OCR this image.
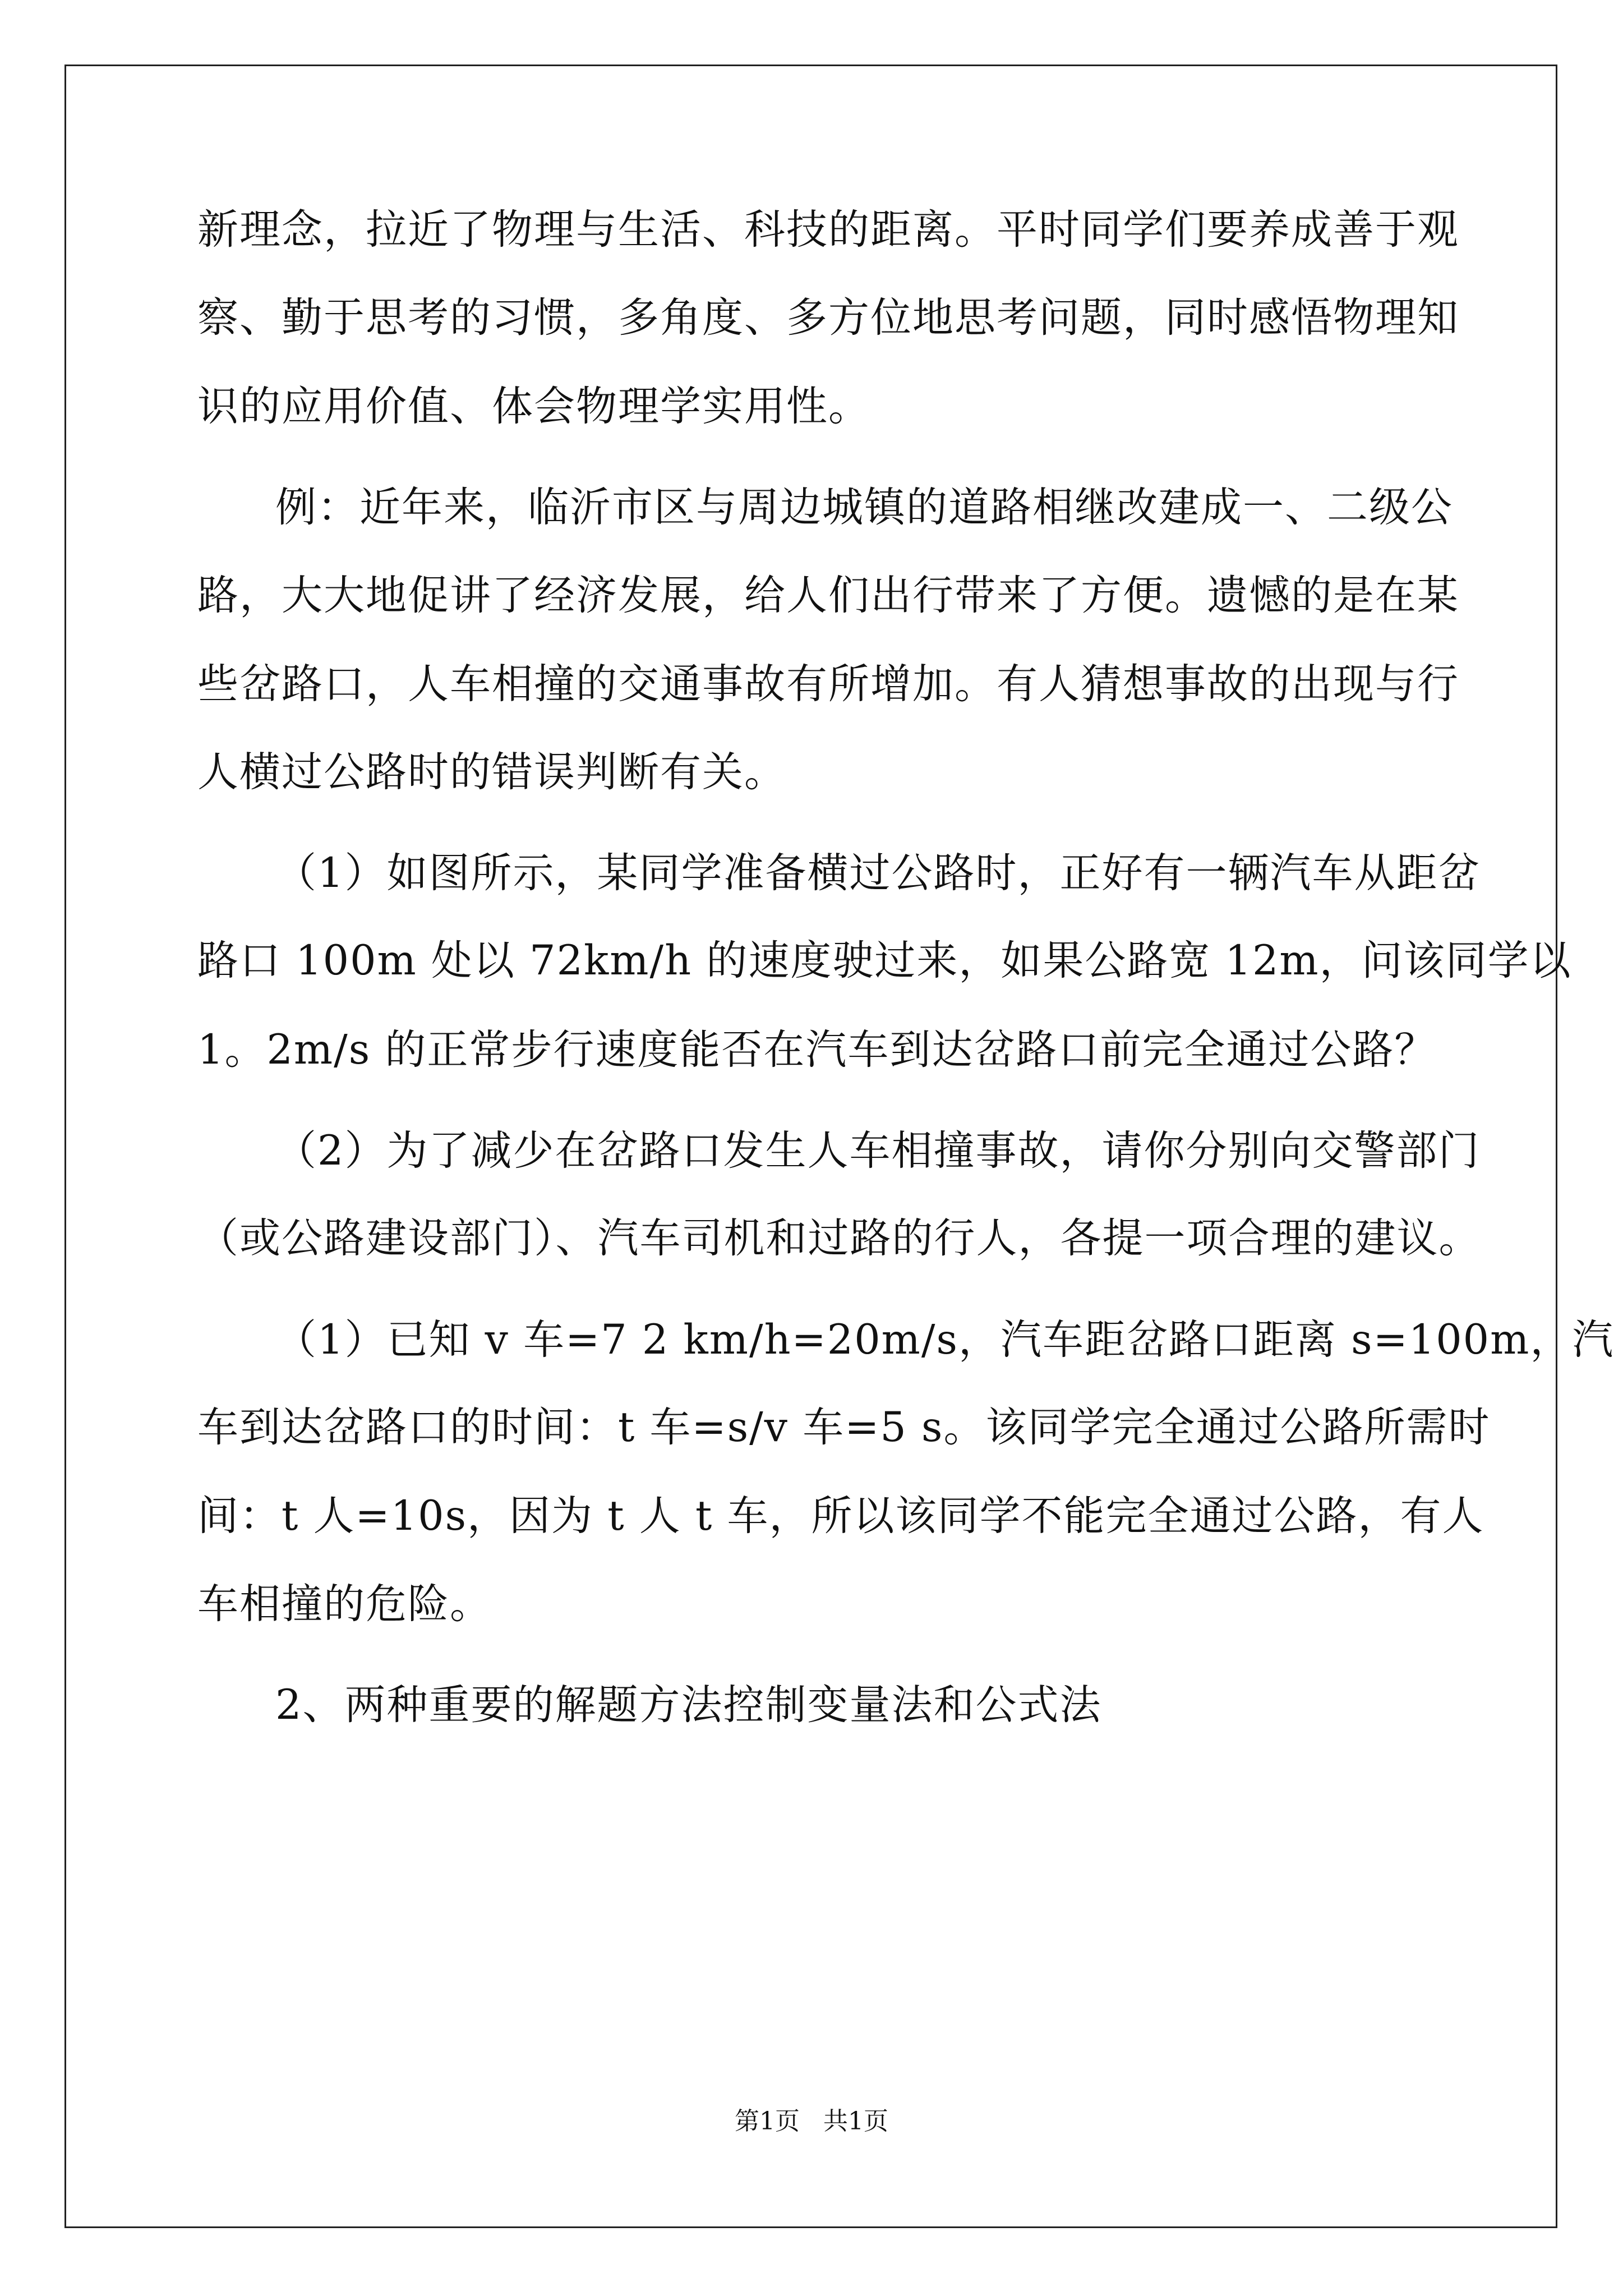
新理念，拉近了物理与生活、科技的距离。平时同学们要养成善于观
察、勤于思考的习惯，多角度、多方位地思考问题，同时感悟物理知
识的应用价值、体会物理学实用性。
例：近年来，临沂市区与周边城镇的道路相继改建成一、二级公
路，大大地促讲了经济发展，给人们出行带来了方便。遗憾的是在某
些岔路口，人车相撞的交通事故有所增加。有人猜想事故的出现与行
人横过公路时的错误判断有关。
（1）如图所示，某同学准备横过公路时，正好有一辆汽车从距岔
路口 100m 处以 72km/h 的速度驶过来，如果公路宽 12m，问该同学以
1。2m/s 的正常步行速度能否在汽车到达岔路口前完全通过公路？
（2）为了减少在岔路口发生人车相撞事故，请你分别向交警部门
（或公路建设部门）、汽车司机和过路的行人，各提一项合理的建议。
（1）已知 v 车=7 2 km/h=20m/s，汽车距岔路口距离 s=100m，汽
车到达岔路口的时间：t 车=s/v 车=5 s。该同学完全通过公路所需时
间：t 人=10s，因为 t 人 t 车，所以该同学不能完全通过公路，有人
车相撞的危险。
2、两种重要的解题方法控制变量法和公式法
第1页   共1页
